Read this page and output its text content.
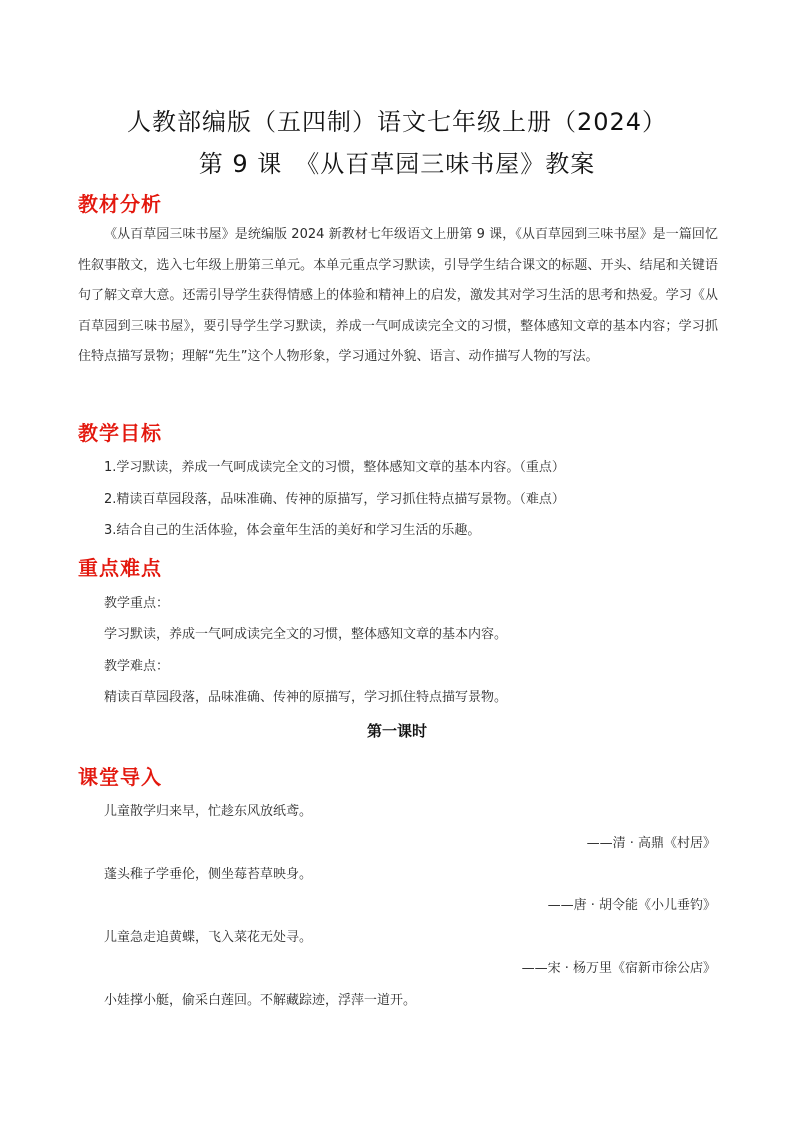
人教部编版（五四制）语文七年级上册（2024）
第 9 课　《从百草园三味书屋》教案
教材分析
《从百草园三味书屋》是统编版 2024 新教材七年级语文上册第 9 课，《从百草园到三味书屋》是一篇回忆性叙事散文，选入七年级上册第三单元。本单元重点学习默读，引导学生结合课文的标题、开头、结尾和关键语句了解文章大意。还需引导学生获得情感上的体验和精神上的启发，激发其对学习生活的思考和热爱。学习《从百草园到三味书屋》，要引导学生学习默读，养成一气呵成读完全文的习惯，整体感知文章的基本内容；学习抓住特点描写景物；理解“先生”这个人物形象，学习通过外貌、语言、动作描写人物的写法。
教学目标
1.学习默读，养成一气呵成读完全文的习惯，整体感知文章的基本内容。（重点）
2.精读百草园段落，品味准确、传神的原描写，学习抓住特点描写景物。（难点）
3.结合自己的生活体验，体会童年生活的美好和学习生活的乐趣。
重点难点
教学重点：
学习默读，养成一气呵成读完全文的习惯，整体感知文章的基本内容。
教学难点：
精读百草园段落，品味准确、传神的原描写，学习抓住特点描写景物。
第一课时
课堂导入
儿童散学归来早，忙趁东风放纸鸢。
——清 · 高鼎《村居》
蓬头稚子学垂伦，侧坐莓苔草映身。
——唐 · 胡令能《小儿垂钓》
儿童急走追黄蝶，飞入菜花无处寻。
——宋 · 杨万里《宿新市徐公店》
小娃撑小艇，偷采白莲回。不解藏踪迹，浮萍一道开。
